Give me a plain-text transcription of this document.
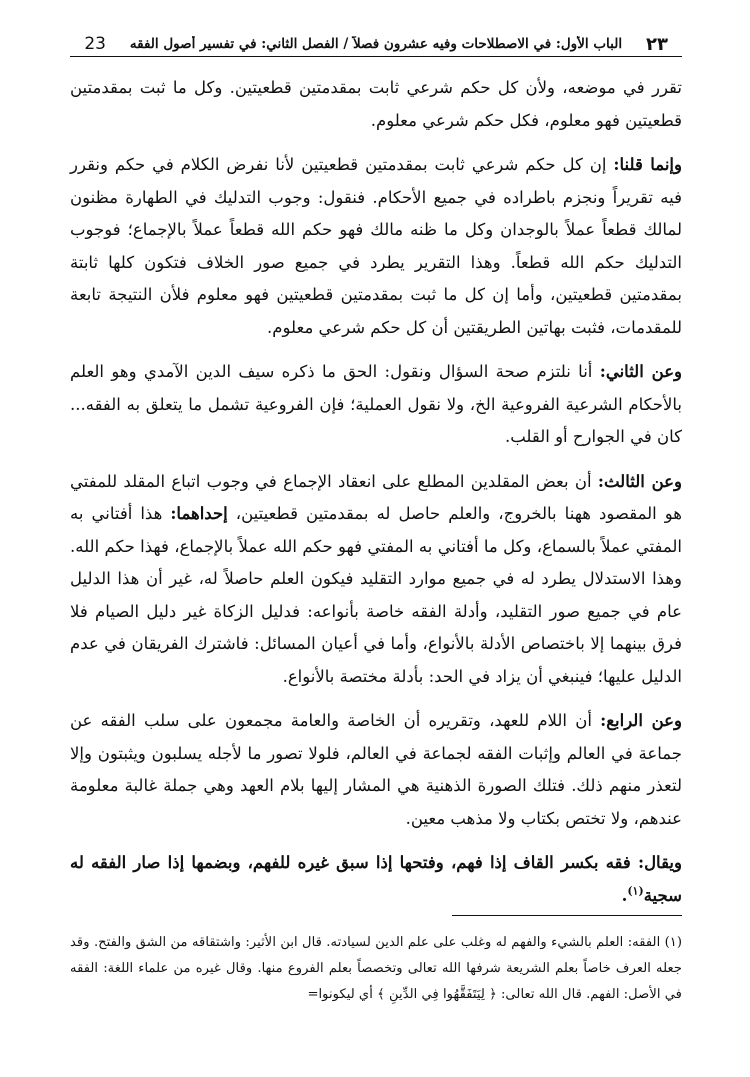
23	الباب الأول: في الاصطلاحات وفيه عشرون فصلاً / الفصل الثاني: في تفسير أصول الفقه	٢٣

تقرر في موضعه، ولأن كل حكم شرعي ثابت بمقدمتين قطعيتين. وكل ما ثبت بمقدمتين قطعيتين فهو معلوم، فكل حكم شرعي معلوم.

وإنما قلنا: إن كل حكم شرعي ثابت بمقدمتين قطعيتين لأنا نفرض الكلام في حكم ونقرر فيه تقريراً ونجزم باطراده في جميع الأحكام. فنقول: وجوب التدليك في الطهارة مظنون لمالك قطعاً عملاً بالوجدان وكل ما ظنه مالك فهو حكم الله قطعاً عملاً بالإجماع؛ فوجوب التدليك حكم الله قطعاً. وهذا التقرير يطرد في جميع صور الخلاف فتكون كلها ثابتة بمقدمتين قطعيتين، وأما إن كل ما ثبت بمقدمتين قطعيتين فهو معلوم فلأن النتيجة تابعة للمقدمات، فثبت بهاتين الطريقتين أن كل حكم شرعي معلوم.

وعن الثاني: أنا نلتزم صحة السؤال ونقول: الحق ما ذكره سيف الدين الآمدي وهو العلم بالأحكام الشرعية الفروعية الخ، ولا نقول العملية؛ فإن الفروعية تشمل ما يتعلق به الفقه... كان في الجوارح أو القلب.

وعن الثالث: أن بعض المقلدين المطلع على انعقاد الإجماع في وجوب اتباع المقلد للمفتي هو المقصود ههنا بالخروج، والعلم حاصل له بمقدمتين قطعيتين، إحداهما: هذا أفتاني به المفتي عملاً بالسماع، وكل ما أفتاني به المفتي فهو حكم الله عملاً بالإجماع، فهذا حكم الله. وهذا الاستدلال يطرد له في جميع موارد التقليد فيكون العلم حاصلاً له، غير أن هذا الدليل عام في جميع صور التقليد، وأدلة الفقه خاصة بأنواعه: فدليل الزكاة غير دليل الصيام فلا فرق بينهما إلا باختصاص الأدلة بالأنواع، وأما في أعيان المسائل: فاشترك الفريقان في عدم الدليل عليها؛ فينبغي أن يزاد في الحد: بأدلة مختصة بالأنواع.

وعن الرابع: أن اللام للعهد، وتقريره أن الخاصة والعامة مجمعون على سلب الفقه عن جماعة في العالم وإثبات الفقه لجماعة في العالم، فلولا تصور ما لأجله يسلبون ويثبتون وإلا لتعذر منهم ذلك. فتلك الصورة الذهنية هي المشار إليها بلام العهد وهي جملة غالبة معلومة عندهم، ولا تختص بكتاب ولا مذهب معين.

ويقال: فقه بكسر القاف إذا فهم، وفتحها إذا سبق غيره للفهم، وبضمها إذا صار الفقه له سجية$^{(١)}$.

(١) الفقه: العلم بالشيء والفهم له وغلب على علم الدين لسيادته. قال ابن الأثير: واشتقاقه من الشق والفتح. وقد جعله العرف خاصاً بعلم الشريعة شرفها الله تعالى وتخصصاً بعلم الفروع منها. وقال غيره من علماء اللغة: الفقه في الأصل: الفهم. قال الله تعالى: ﴿ لِيَتَفَقَّهُوا فِي الدِّينِ ﴾ أي ليكونوا=
